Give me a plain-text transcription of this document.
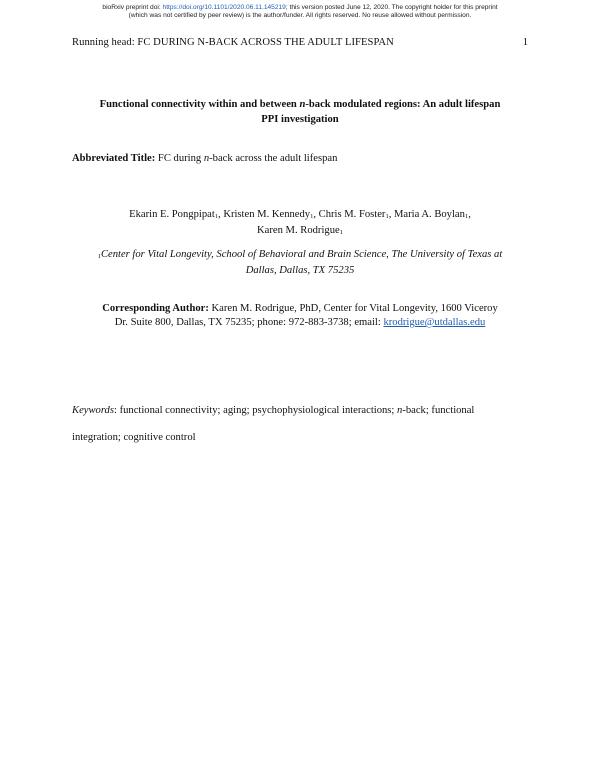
bioRxiv preprint doi: https://doi.org/10.1101/2020.06.11.145219; this version posted June 12, 2020. The copyright holder for this preprint
(which was not certified by peer review) is the author/funder. All rights reserved. No reuse allowed without permission.
Running head: FC DURING N-BACK ACROSS THE ADULT LIFESPAN	1
Functional connectivity within and between n-back modulated regions: An adult lifespan
PPI investigation
Abbreviated Title: FC during n-back across the adult lifespan
Ekarin E. Pongpipat$_1$, Kristen M. Kennedy$_1$, Chris M. Foster$_1$, Maria A. Boylan$_1$,
Karen M. Rodrigue$_1$
$_1$Center for Vital Longevity, School of Behavioral and Brain Science, The University of Texas at
Dallas, Dallas, TX 75235
Corresponding Author: Karen M. Rodrigue, PhD, Center for Vital Longevity, 1600 Viceroy
Dr. Suite 800, Dallas, TX 75235; phone: 972-883-3738; email: krodrigue@utdallas.edu
Keywords: functional connectivity; aging; psychophysiological interactions; n-back; functional
integration; cognitive control
